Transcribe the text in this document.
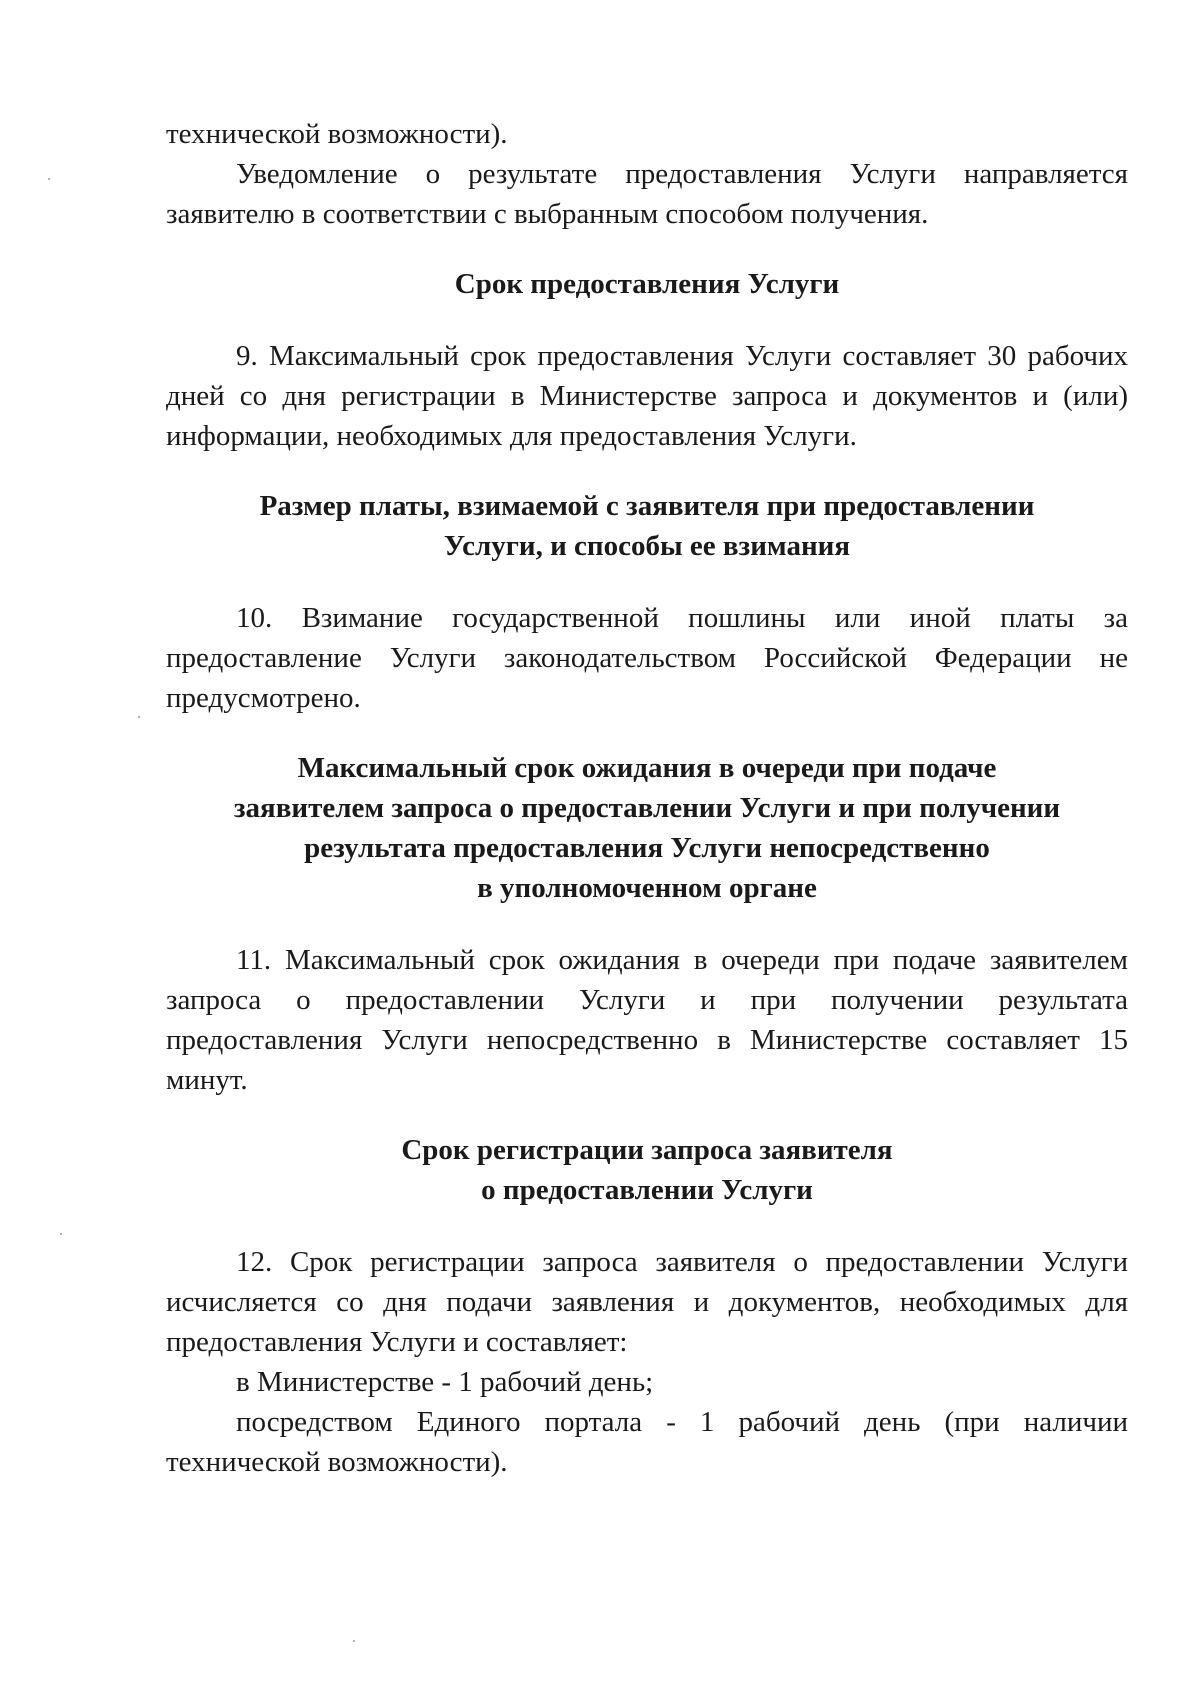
технической возможности).

Уведомление о результате предоставления Услуги направляется заявителю в соответствии с выбранным способом получения.

Срок предоставления Услуги

9. Максимальный срок предоставления Услуги составляет 30 рабочих дней со дня регистрации в Министерстве запроса и документов и (или) информации, необходимых для предоставления Услуги.

Размер платы, взимаемой с заявителя при предоставлении
Услуги, и способы ее взимания

10. Взимание государственной пошлины или иной платы за предоставление Услуги законодательством Российской Федерации не предусмотрено.

Максимальный срок ожидания в очереди при подаче
заявителем запроса о предоставлении Услуги и при получении
результата предоставления Услуги непосредственно
в уполномоченном органе

11. Максимальный срок ожидания в очереди при подаче заявителем запроса о предоставлении Услуги и при получении результата предоставления Услуги непосредственно в Министерстве составляет 15 минут.

Срок регистрации запроса заявителя
о предоставлении Услуги

12. Срок регистрации запроса заявителя о предоставлении Услуги исчисляется со дня подачи заявления и документов, необходимых для предоставления Услуги и составляет:

в Министерстве - 1 рабочий день;

посредством Единого портала - 1 рабочий день (при наличии технической возможности).
